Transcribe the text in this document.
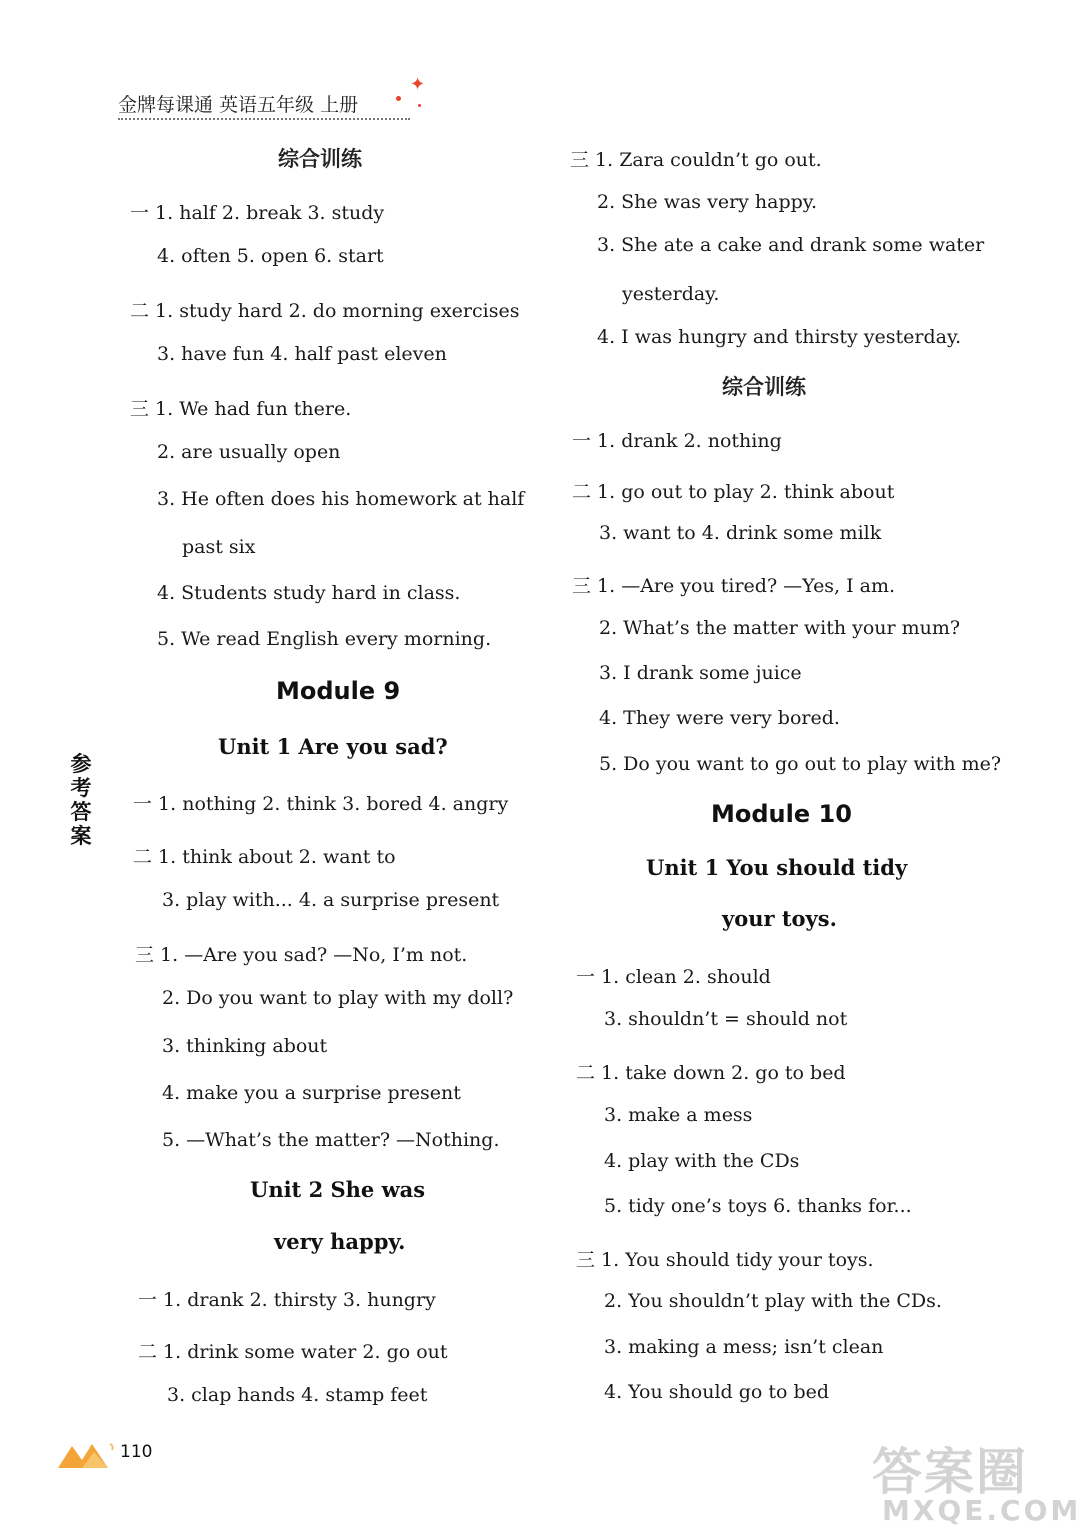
金牌每课通 英语五年级 上册
✦
参考答案
综合训练
一 1. half 2. break 3. study
4. often 5. open 6. start
二 1. study hard 2. do morning exercises
3. have fun 4. half past eleven
三 1. We had fun there.
2. are usually open
3. He often does his homework at half
past six
4. Students study hard in class.
5. We read English every morning.
Module 9
Unit 1 Are you sad?
一 1. nothing 2. think 3. bored 4. angry
二 1. think about 2. want to
3. play with... 4. a surprise present
三 1. —Are you sad? —No, I’m not.
2. Do you want to play with my doll?
3. thinking about
4. make you a surprise present
5. —What’s the matter? —Nothing.
Unit 2 She was
very happy.
一 1. drank 2. thirsty 3. hungry
二 1. drink some water 2. go out
3. clap hands 4. stamp feet
三 1. Zara couldn’t go out.
2. She was very happy.
3. She ate a cake and drank some water
yesterday.
4. I was hungry and thirsty yesterday.
综合训练
一 1. drank 2. nothing
二 1. go out to play 2. think about
3. want to 4. drink some milk
三 1. —Are you tired? —Yes, I am.
2. What’s the matter with your mum?
3. I drank some juice
4. They were very bored.
5. Do you want to go out to play with me?
Module 10
Unit 1 You should tidy
your toys.
一 1. clean 2. should
3. shouldn’t = should not
二 1. take down 2. go to bed
3. make a mess
4. play with the CDs
5. tidy one’s toys 6. thanks for...
三 1. You should tidy your toys.
2. You shouldn’t play with the CDs.
3. making a mess; isn’t clean
4. You should go to bed
110	答案圈
MXQE.COM
